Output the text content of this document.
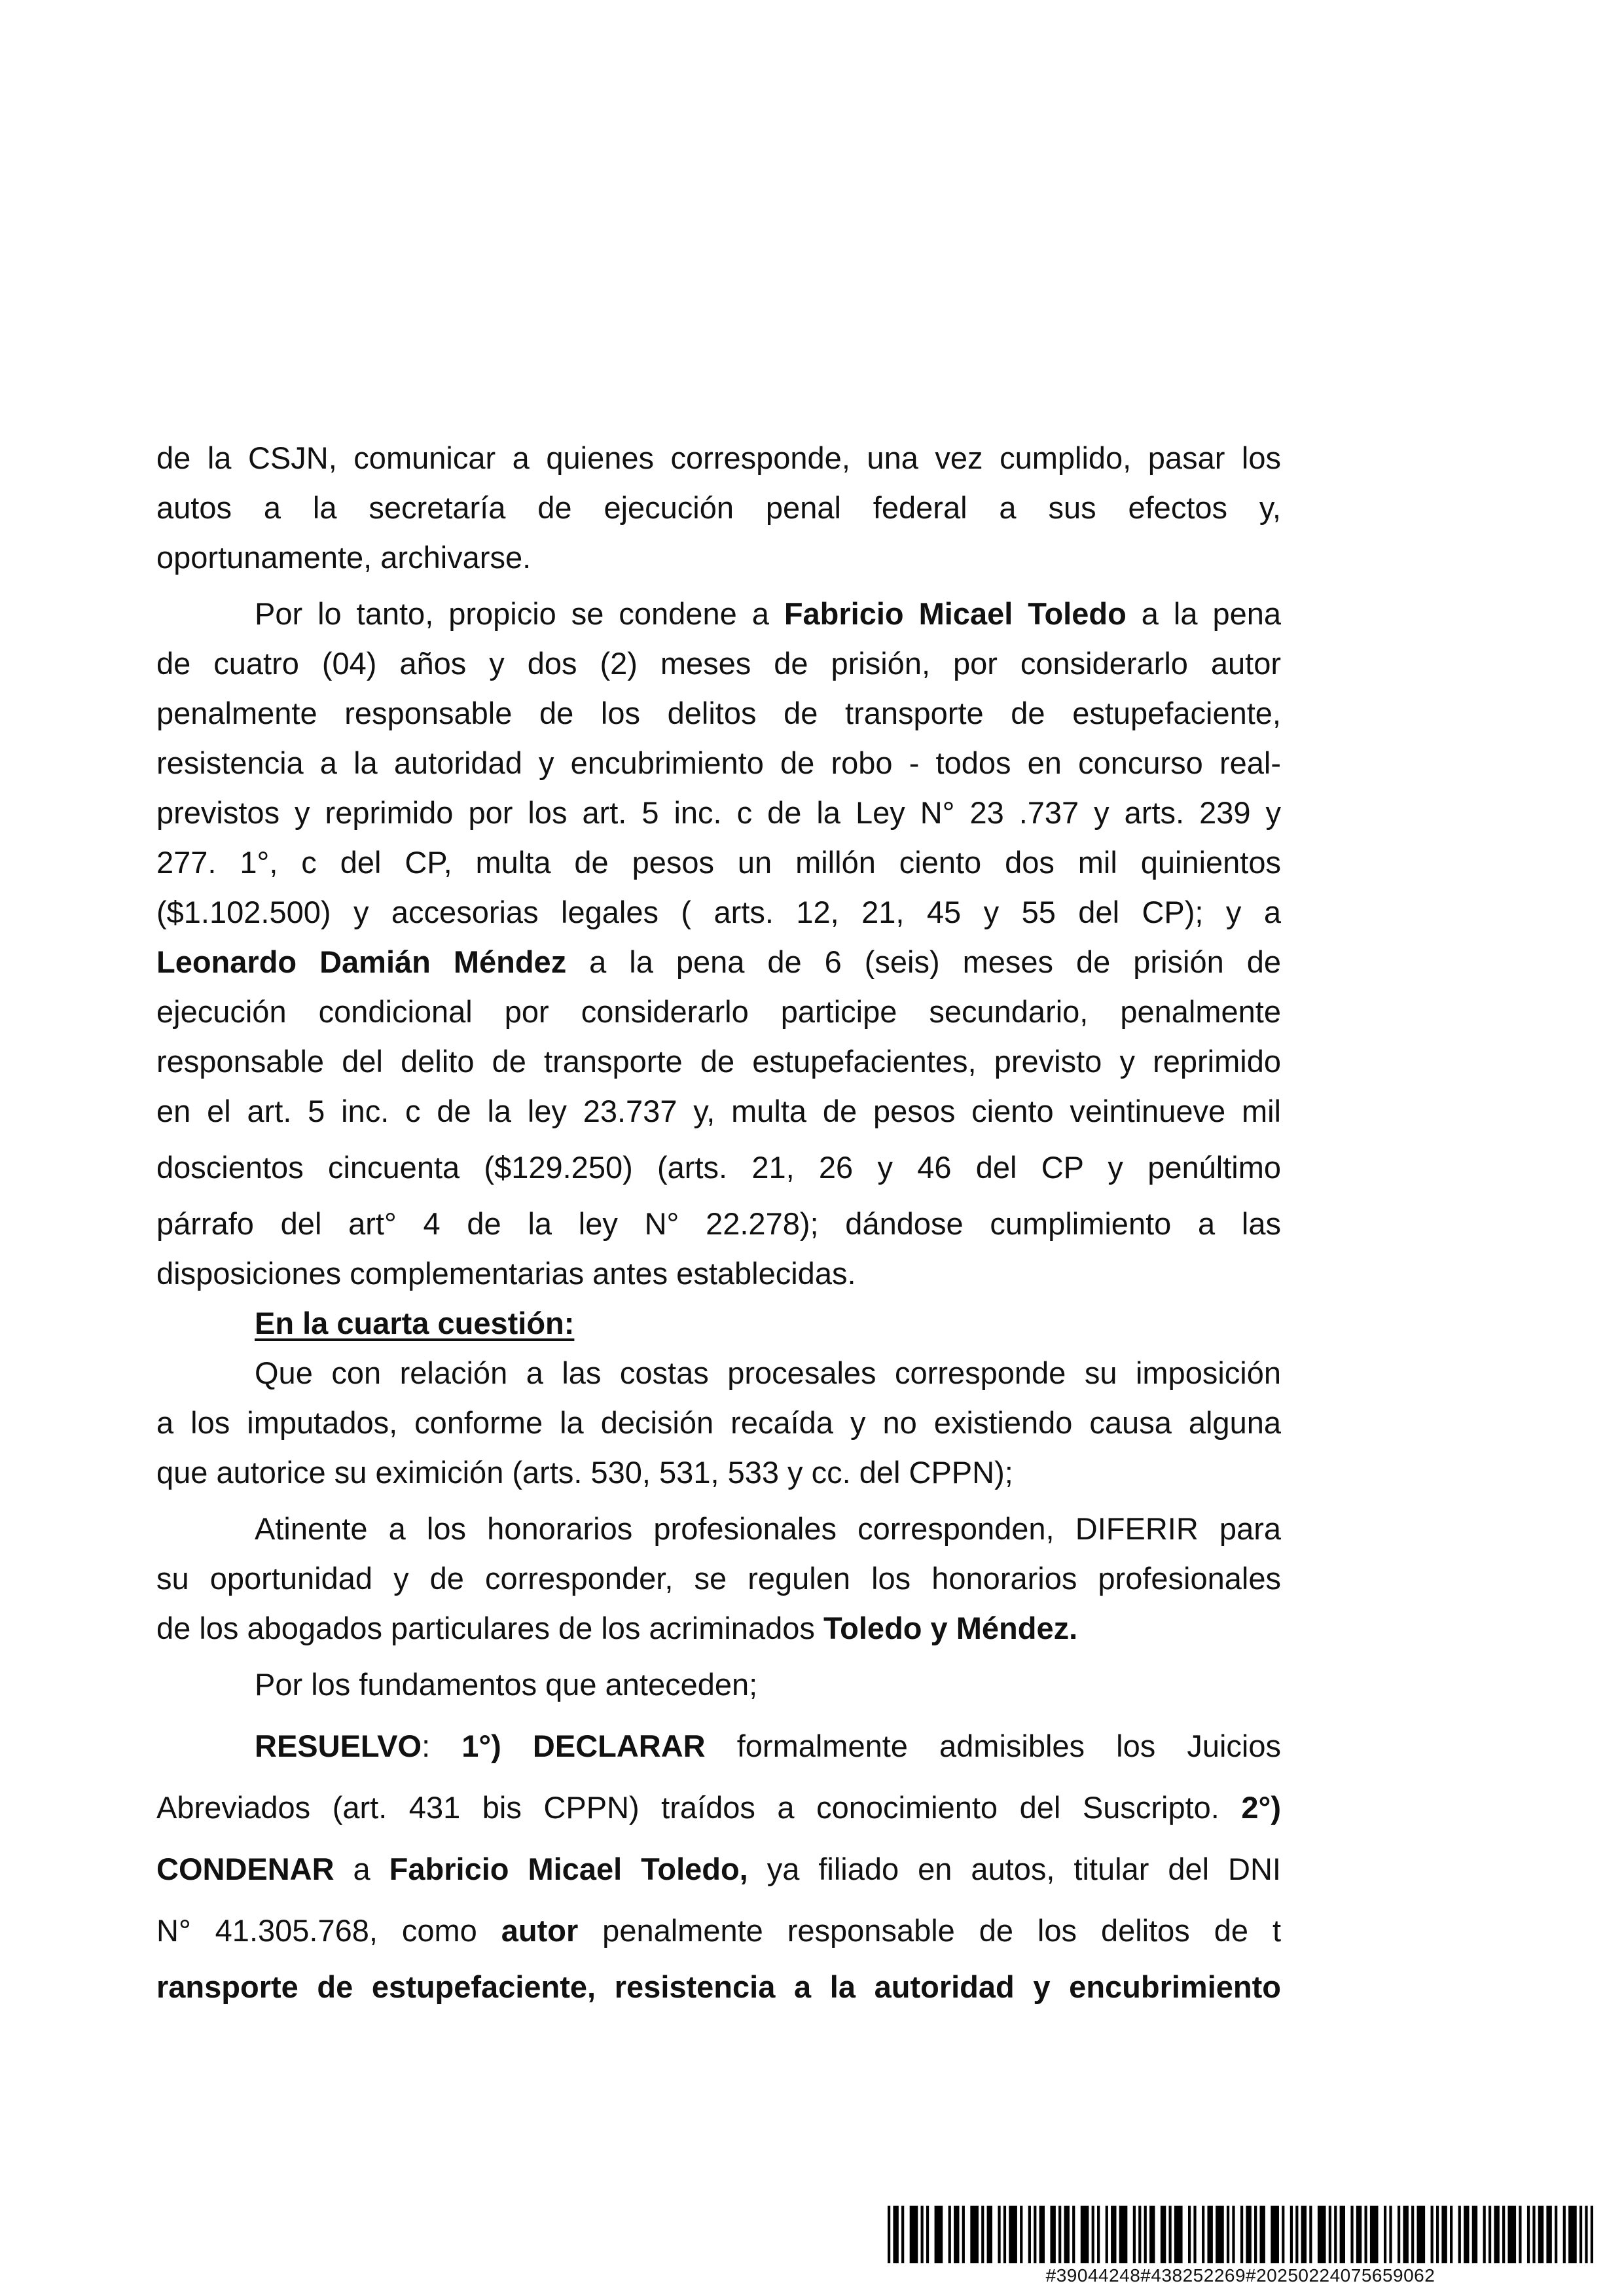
de la CSJN, comunicar a quienes corresponde, una vez cumplido, pasar los
autos a la secretaría de ejecución penal federal a sus efectos y,
oportunamente, archivarse.
Por lo tanto, propicio se condene a Fabricio Micael Toledo a la pena
de cuatro (04) años y dos (2) meses de prisión, por considerarlo autor
penalmente responsable de los delitos de transporte de estupefaciente,
resistencia a la autoridad y encubrimiento de robo - todos en concurso real-
previstos y reprimido por los art. 5 inc. c de la Ley N° 23 .737 y arts. 239 y
277. 1°, c del CP, multa de pesos un millón ciento dos mil quinientos
($1.102.500) y accesorias legales ( arts. 12, 21, 45 y 55 del CP); y a
Leonardo Damián Méndez a la pena de 6 (seis) meses de prisión de
ejecución condicional por considerarlo participe secundario, penalmente
responsable del delito de transporte de estupefacientes, previsto y reprimido
en el art. 5 inc. c de la ley 23.737 y, multa de pesos ciento veintinueve mil
doscientos cincuenta ($129.250) (arts. 21, 26 y 46 del CP y penúltimo
párrafo del art° 4 de la ley N° 22.278); dándose cumplimiento a las
disposiciones complementarias antes establecidas.
En la cuarta cuestión:
Que con relación a las costas procesales corresponde su imposición
a los imputados, conforme la decisión recaída y no existiendo causa alguna
que autorice su eximición (arts. 530, 531, 533 y cc. del CPPN);
Atinente a los honorarios profesionales corresponden, DIFERIR para
su oportunidad y de corresponder, se regulen los honorarios profesionales
de los abogados particulares de los acriminados Toledo y Méndez.
Por los fundamentos que anteceden;
RESUELVO: 1°) DECLARAR formalmente admisibles los Juicios
Abreviados (art. 431 bis CPPN) traídos a conocimiento del Suscripto. 2°)
CONDENAR a Fabricio Micael Toledo, ya filiado en autos, titular del DNI
N° 41.305.768, como autor penalmente responsable de los delitos de t
ransporte de estupefaciente, resistencia a la autoridad y encubrimiento
#39044248#438252269#20250224075659062
